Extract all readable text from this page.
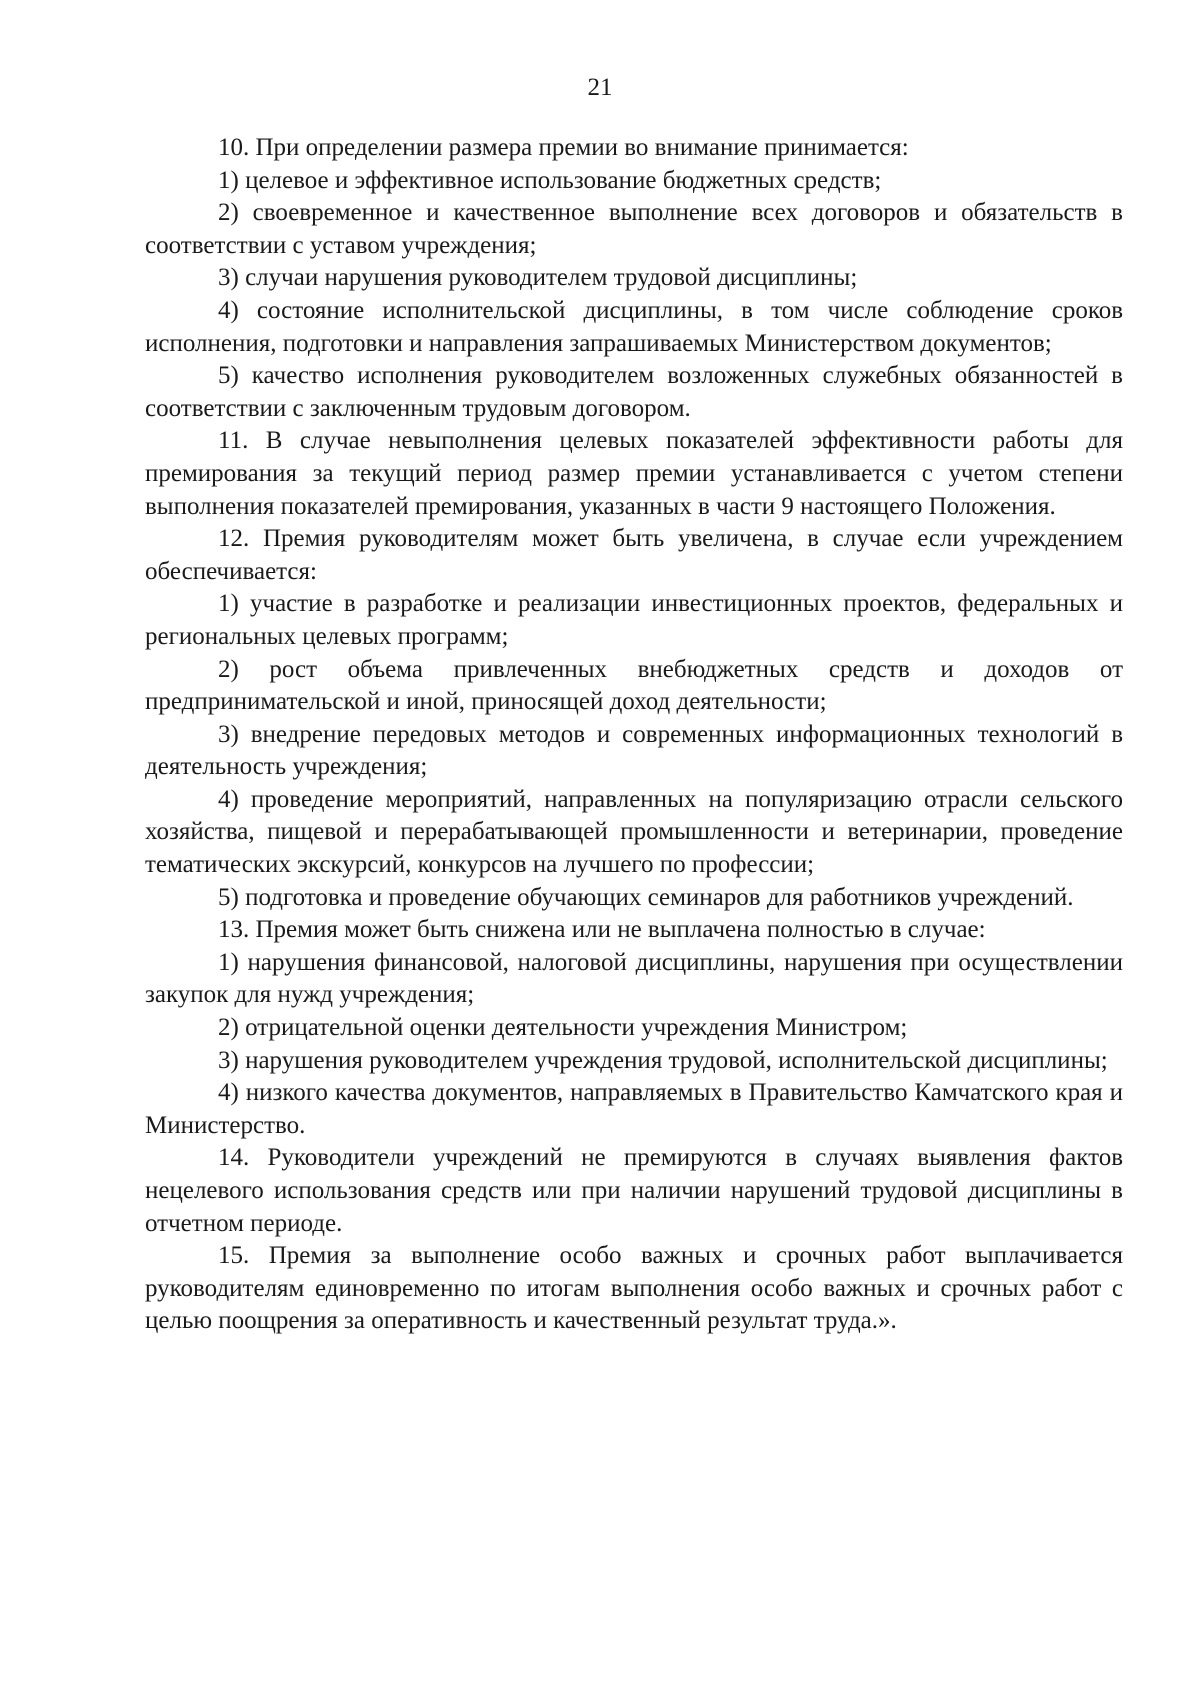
21

10. При определении размера премии во внимание принимается:

1) целевое и эффективное использование бюджетных средств;

2) своевременное и качественное выполнение всех договоров и обязательств в соответствии с уставом учреждения;

3) случаи нарушения руководителем трудовой дисциплины;

4) состояние исполнительской дисциплины, в том числе соблюдение сроков исполнения, подготовки и направления запрашиваемых Министерством документов;

5) качество исполнения руководителем возложенных служебных обязанностей в соответствии с заключенным трудовым договором.

11. В случае невыполнения целевых показателей эффективности работы для премирования за текущий период размер премии устанавливается с учетом степени выполнения показателей премирования, указанных в части 9 настоящего Положения.

12. Премия руководителям может быть увеличена, в случае если учреждением обеспечивается:

1) участие в разработке и реализации инвестиционных проектов, федеральных и региональных целевых программ;

2) рост объема привлеченных внебюджетных средств и доходов от предпринимательской и иной, приносящей доход деятельности;

3) внедрение передовых методов и современных информационных технологий в деятельность учреждения;

4) проведение мероприятий, направленных на популяризацию отрасли сельского хозяйства, пищевой и перерабатывающей промышленности и ветеринарии, проведение тематических экскурсий, конкурсов на лучшего по профессии;

5) подготовка и проведение обучающих семинаров для работников учреждений.

13. Премия может быть снижена или не выплачена полностью в случае:

1) нарушения финансовой, налоговой дисциплины, нарушения при осуществлении закупок для нужд учреждения;

2) отрицательной оценки деятельности учреждения Министром;

3) нарушения руководителем учреждения трудовой, исполнительской дисциплины;

4) низкого качества документов, направляемых в Правительство Камчатского края и Министерство.

14. Руководители учреждений не премируются в случаях выявления фактов нецелевого использования средств или при наличии нарушений трудовой дисциплины в отчетном периоде.

15. Премия за выполнение особо важных и срочных работ выплачивается руководителям единовременно по итогам выполнения особо важных и срочных работ с целью поощрения за оперативность и качественный результат труда.».
